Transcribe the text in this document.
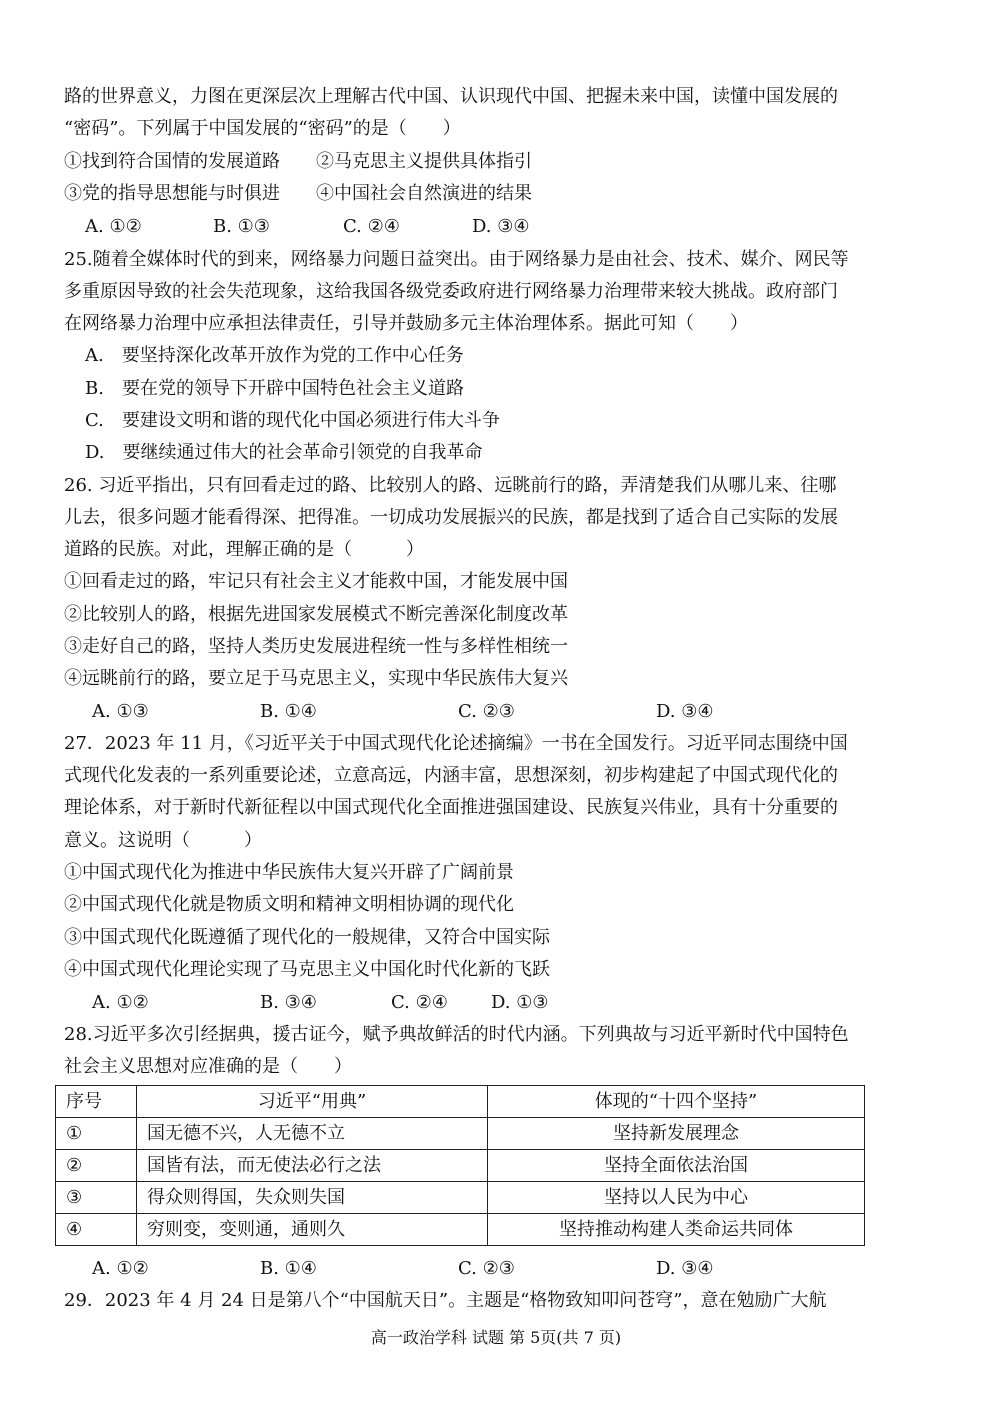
路的世界意义，力图在更深层次上理解古代中国、认识现代中国、把握未来中国，读懂中国发展的
“密码”。下列属于中国发展的“密码”的是（　　）
①找到符合国情的发展道路　　②马克思主义提供具体指引
③党的指导思想能与时俱进　　④中国社会自然演进的结果
A. ①②	B. ①③	C. ②④	D. ③④
25.随着全媒体时代的到来，网络暴力问题日益突出。由于网络暴力是由社会、技术、媒介、网民等
多重原因导致的社会失范现象，这给我国各级党委政府进行网络暴力治理带来较大挑战。政府部门
在网络暴力治理中应承担法律责任，引导并鼓励多元主体治理体系。据此可知（　　）
A.　要坚持深化改革开放作为党的工作中心任务
B.　要在党的领导下开辟中国特色社会主义道路
C.　要建设文明和谐的现代化中国必须进行伟大斗争
D.　要继续通过伟大的社会革命引领党的自我革命
26. 习近平指出，只有回看走过的路、比较别人的路、远眺前行的路，弄清楚我们从哪儿来、往哪
儿去，很多问题才能看得深、把得准。一切成功发展振兴的民族，都是找到了适合自己实际的发展
道路的民族。对此，理解正确的是（　　　）
①回看走过的路，牢记只有社会主义才能救中国，才能发展中国
②比较别人的路，根据先进国家发展模式不断完善深化制度改革
③走好自己的路，坚持人类历史发展进程统一性与多样性相统一
④远眺前行的路，要立足于马克思主义，实现中华民族伟大复兴
A. ①③	B. ①④	C. ②③	D. ③④
27．2023 年 11 月，《习近平关于中国式现代化论述摘编》一书在全国发行。习近平同志围绕中国
式现代化发表的一系列重要论述，立意高远，内涵丰富，思想深刻，初步构建起了中国式现代化的
理论体系，对于新时代新征程以中国式现代化全面推进强国建设、民族复兴伟业，具有十分重要的
意义。这说明（　　　）
①中国式现代化为推进中华民族伟大复兴开辟了广阔前景
②中国式现代化就是物质文明和精神文明相协调的现代化
③中国式现代化既遵循了现代化的一般规律，又符合中国实际
④中国式现代化理论实现了马克思主义中国化时代化新的飞跃
A. ①②	B. ③④	C. ②④ D. ①③
28.习近平多次引经据典，援古证今，赋予典故鲜活的时代内涵。下列典故与习近平新时代中国特色
社会主义思想对应准确的是（　　）
序号	习近平“用典”	体现的“十四个坚持”
①	国无德不兴，人无德不立	坚持新发展理念
②	国皆有法，而无使法必行之法	坚持全面依法治国
③	得众则得国，失众则失国	坚持以人民为中心
④	穷则变，变则通，通则久	坚持推动构建人类命运共同体
A. ①②	B. ①④	C. ②③	D. ③④
29．2023 年 4 月 24 日是第八个“中国航天日”。主题是“格物致知叩问苍穹”，意在勉励广大航
高一政治学科 试题 第 5页(共 7 页)
